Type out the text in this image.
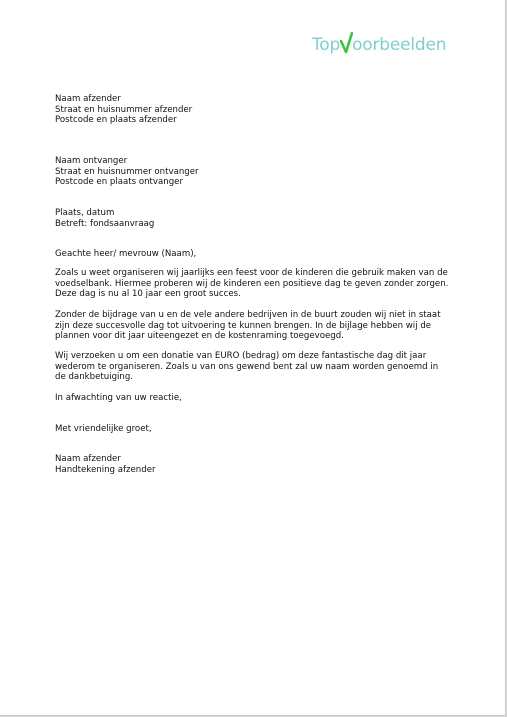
Top oorbeelden
Naam afzender
Straat en huisnummer afzender
Postcode en plaats afzender
Naam ontvanger
Straat en huisnummer ontvanger
Postcode en plaats ontvanger
Plaats, datum
Betreft: fondsaanvraag
Geachte heer/ mevrouw (Naam),
Zoals u weet organiseren wij jaarlijks een feest voor de kinderen die gebruik maken van de voedselbank. Hiermee proberen wij de kinderen een positieve dag te geven zonder zorgen. Deze dag is nu al 10 jaar een groot succes.
Zonder de bijdrage van u en de vele andere bedrijven in de buurt zouden wij niet in staat zijn deze succesvolle dag tot uitvoering te kunnen brengen. In de bijlage hebben wij de plannen voor dit jaar uiteengezet en de kostenraming toegevoegd.
Wij verzoeken u om een donatie van EURO (bedrag) om deze fantastische dag dit jaar wederom te organiseren. Zoals u van ons gewend bent zal uw naam worden genoemd in de dankbetuiging.
In afwachting van uw reactie,
Met vriendelijke groet,
Naam afzender
Handtekening afzender
